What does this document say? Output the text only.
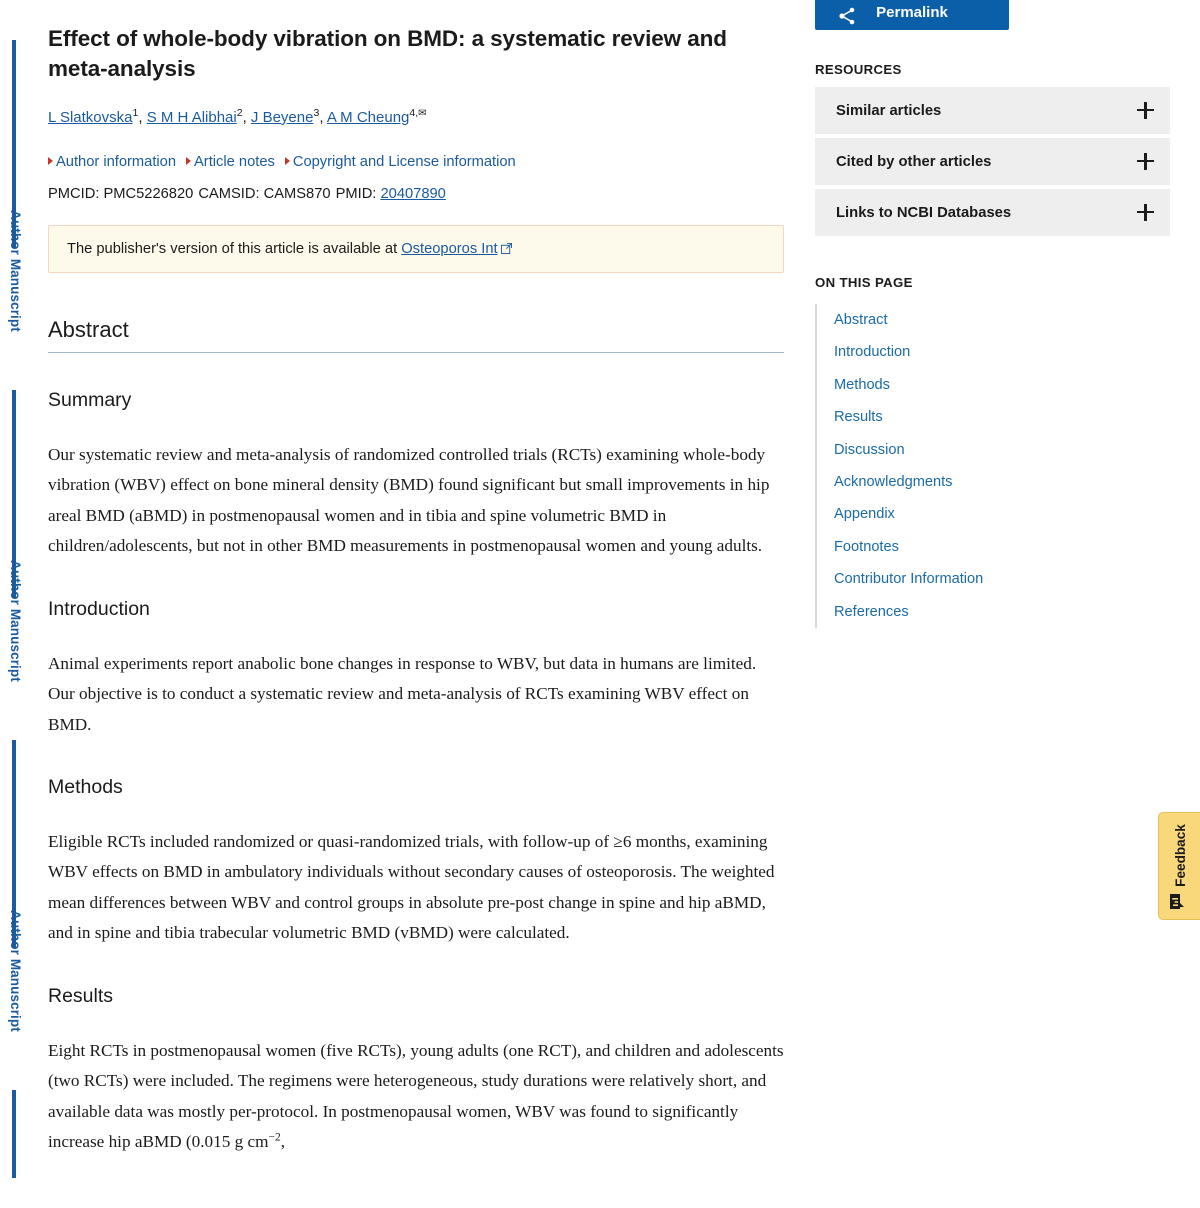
Author Manuscript
Author Manuscript
Author Manuscript
Effect of whole-body vibration on BMD: a systematic review and meta-analysis
L Slatkovska$^1$, S M H Alibhai$^2$, J Beyene$^3$, A M Cheung$^{4,✉}$
Author information Article notes Copyright and License information
PMCID: PMC5226820 CAMSID: CAMS870 PMID: 20407890
The publisher's version of this article is available at Osteoporos Int
Abstract
Summary

Our systematic review and meta-analysis of randomized controlled trials (RCTs) examining whole-body vibration (WBV) effect on bone mineral density (BMD) found significant but small improvements in hip areal BMD (aBMD) in postmenopausal women and in tibia and spine volumetric BMD in children/adolescents, but not in other BMD measurements in postmenopausal women and young adults.

Introduction

Animal experiments report anabolic bone changes in response to WBV, but data in humans are limited. Our objective is to conduct a systematic review and meta-analysis of RCTs examining WBV effect on BMD.

Methods

Eligible RCTs included randomized or quasi-randomized trials, with follow-up of ≥6 months, examining WBV effects on BMD in ambulatory individuals without secondary causes of osteoporosis. The weighted mean differences between WBV and control groups in absolute pre-post change in spine and hip aBMD, and in spine and tibia trabecular volumetric BMD (vBMD) were calculated.

Results

Eight RCTs in postmenopausal women (five RCTs), young adults (one RCT), and children and adolescents (two RCTs) were included. The regimens were heterogeneous, study durations were relatively short, and available data was mostly per-protocol. In postmenopausal women, WBV was found to significantly increase hip aBMD (0.015 g $cm^{-2}$,

Permalink
RESOURCES
Similar articles
Cited by other articles
Links to NCBI Databases
ON THIS PAGE
Abstract
Introduction
Methods
Results
Discussion
Acknowledgments
Appendix
Footnotes
Contributor Information
References
Feedback
